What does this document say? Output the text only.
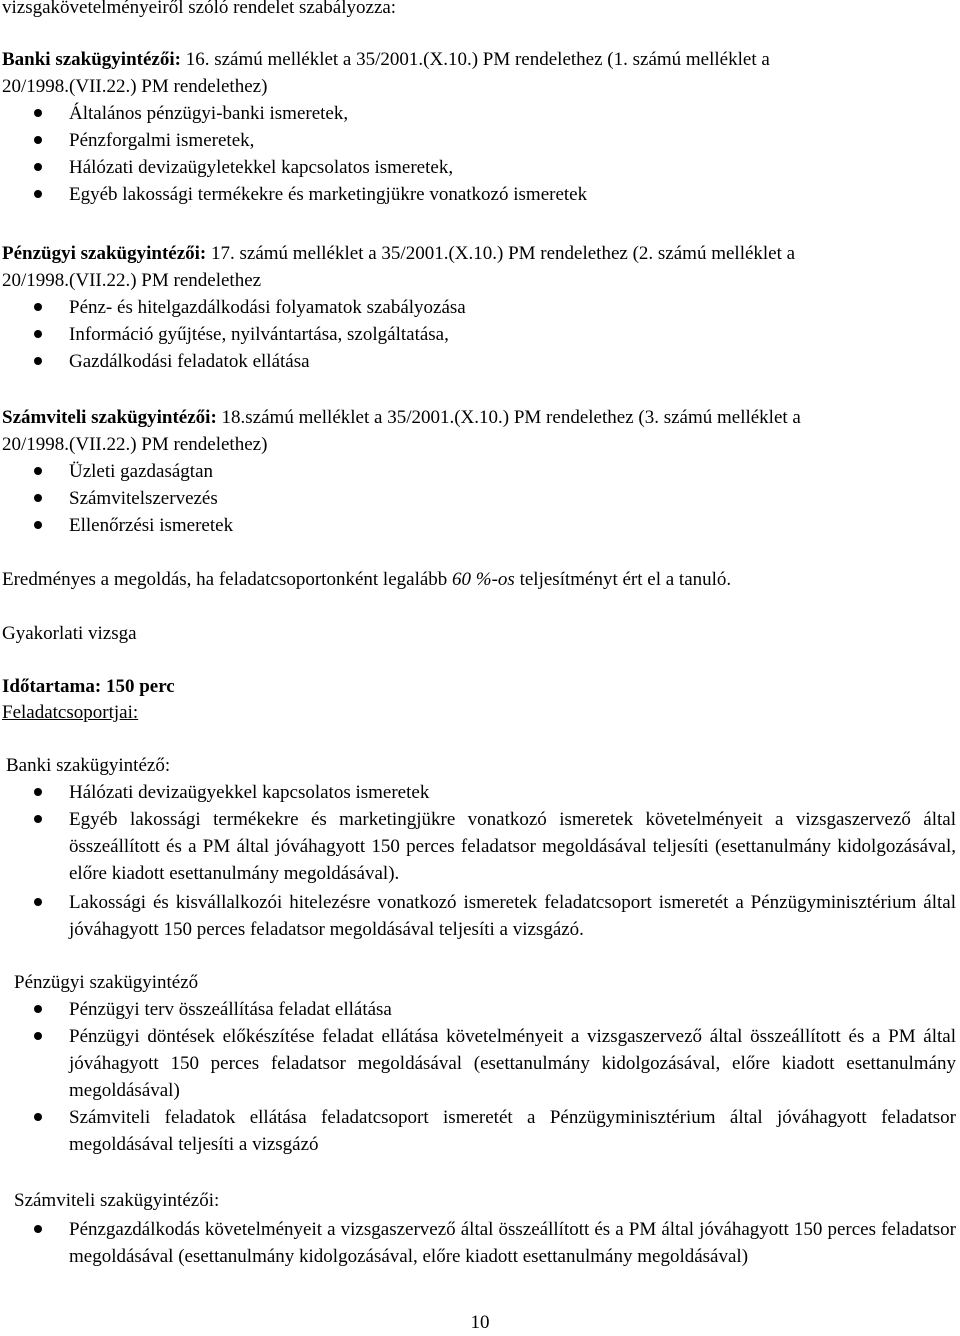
vizsgakövetelményeiről szóló rendelet szabályozza:

Banki szakügyintézői: 16. számú melléklet a 35/2001.(X.10.) PM rendelethez (1. számú melléklet a

20/1998.(VII.22.) PM rendelethez)

Általános pénzügyi-banki ismeretek,
Pénzforgalmi ismeretek,
Hálózati devizaügyletekkel kapcsolatos ismeretek,
Egyéb lakossági termékekre és marketingjükre vonatkozó ismeretek

Pénzügyi szakügyintézői: 17. számú melléklet a 35/2001.(X.10.) PM rendelethez (2. számú melléklet a

20/1998.(VII.22.) PM rendelethez

Pénz- és hitelgazdálkodási folyamatok szabályozása
Információ gyűjtése, nyilvántartása, szolgáltatása,
Gazdálkodási feladatok ellátása

Számviteli szakügyintézői: 18.számú melléklet a 35/2001.(X.10.) PM rendelethez (3. számú melléklet a

20/1998.(VII.22.) PM rendelethez)

Üzleti gazdaságtan
Számvitelszervezés
Ellenőrzési ismeretek

Eredményes a megoldás, ha feladatcsoportonként legalább 60 %-os teljesítményt ért el a tanuló.

Gyakorlati vizsga

Időtartama: 150 perc

Feladatcsoportjai:

Banki szakügyintéző:

Hálózati devizaügyekkel kapcsolatos ismeretek
Egyéb lakossági termékekre és marketingjükre vonatkozó ismeretek követelményeit a vizsgaszervező által összeállított és a PM által jóváhagyott 150 perces feladatsor megoldásával teljesíti (esettanulmány kidolgozásával, előre kiadott esettanulmány megoldásával).
Lakossági és kisvállalkozói hitelezésre vonatkozó ismeretek feladatcsoport ismeretét a Pénzügyminisztérium által jóváhagyott 150 perces feladatsor megoldásával teljesíti a vizsgázó.

Pénzügyi szakügyintéző

Pénzügyi terv összeállítása feladat ellátása
Pénzügyi döntések előkészítése feladat ellátása követelményeit a vizsgaszervező által összeállított és a PM által jóváhagyott 150 perces feladatsor megoldásával (esettanulmány kidolgozásával, előre kiadott esettanulmány megoldásával)
Számviteli feladatok ellátása feladatcsoport ismeretét a Pénzügyminisztérium által jóváhagyott feladatsor megoldásával teljesíti a vizsgázó

Számviteli szakügyintézői:

Pénzgazdálkodás követelményeit a vizsgaszervező által összeállított és a PM által jóváhagyott 150 perces feladatsor megoldásával (esettanulmány kidolgozásával, előre kiadott esettanulmány megoldásával)

10
